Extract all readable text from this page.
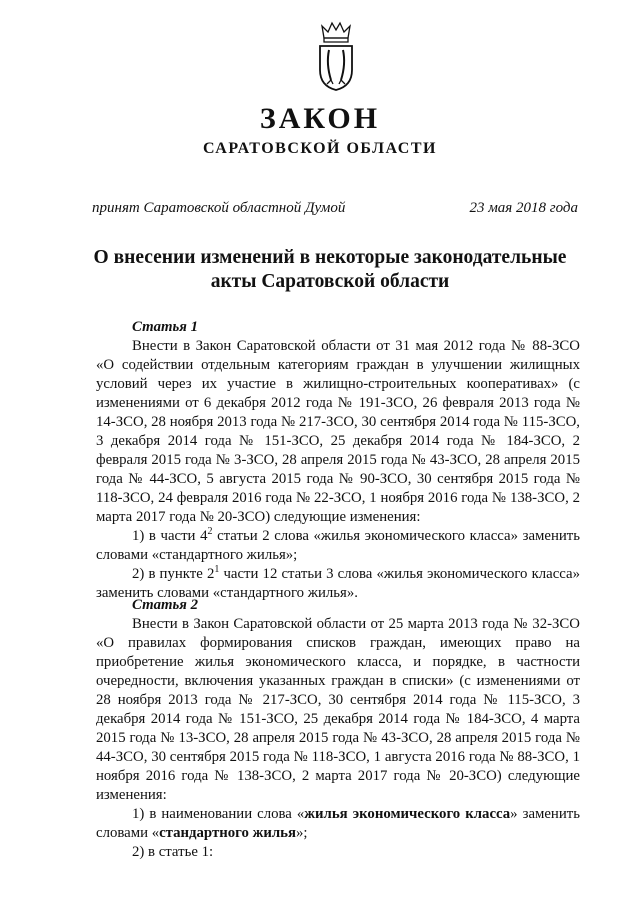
ЗАКОН
САРАТОВСКОЙ ОБЛАСТИ
принят Саратовской областной Думой	23 мая 2018 года
О внесении изменений в некоторые законодательные
акты Саратовской области
Статья 1

Внести в Закон Саратовской области от 31 мая 2012 года № 88-ЗСО «О содействии отдельным категориям граждан в улучшении жилищных условий через их участие в жилищно-строительных кооперативах» (с изменениями от 6 декабря 2012 года № 191-ЗСО, 26 февраля 2013 года № 14-ЗСО, 28 ноября 2013 года № 217-ЗСО, 30 сентября 2014 года № 115-ЗСО, 3 декабря 2014 года № 151-ЗСО, 25 декабря 2014 года № 184-ЗСО, 2 февраля 2015 года № 3-ЗСО, 28 апреля 2015 года № 43-ЗСО, 28 апреля 2015 года № 44-ЗСО, 5 августа 2015 года № 90-ЗСО, 30 сентября 2015 года № 118-ЗСО, 24 февраля 2016 года № 22-ЗСО, 1 ноября 2016 года № 138-ЗСО, 2 марта 2017 года № 20-ЗСО) следующие изменения:

1) в части $4^2$ статьи 2 слова «жилья экономического класса» заменить словами «стандартного жилья»;

2) в пункте $2^1$ части 12 статьи 3 слова «жилья экономического класса» заменить словами «стандартного жилья».

Статья 2

Внести в Закон Саратовской области от 25 марта 2013 года № 32-ЗСО «О правилах формирования списков граждан, имеющих право на приобретение жилья экономического класса, и порядке, в частности очередности, включения указанных граждан в списки» (с изменениями от 28 ноября 2013 года № 217-ЗСО, 30 сентября 2014 года № 115-ЗСО, 3 декабря 2014 года № 151-ЗСО, 25 декабря 2014 года № 184-ЗСО, 4 марта 2015 года № 13-ЗСО, 28 апреля 2015 года № 43-ЗСО, 28 апреля 2015 года № 44-ЗСО, 30 сентября 2015 года № 118-ЗСО, 1 августа 2016 года № 88-ЗСО, 1 ноября 2016 года № 138-ЗСО, 2 марта 2017 года № 20-ЗСО) следующие изменения:

1) в наименовании слова «жилья экономического класса» заменить словами «стандартного жилья»;

2) в статье 1:
